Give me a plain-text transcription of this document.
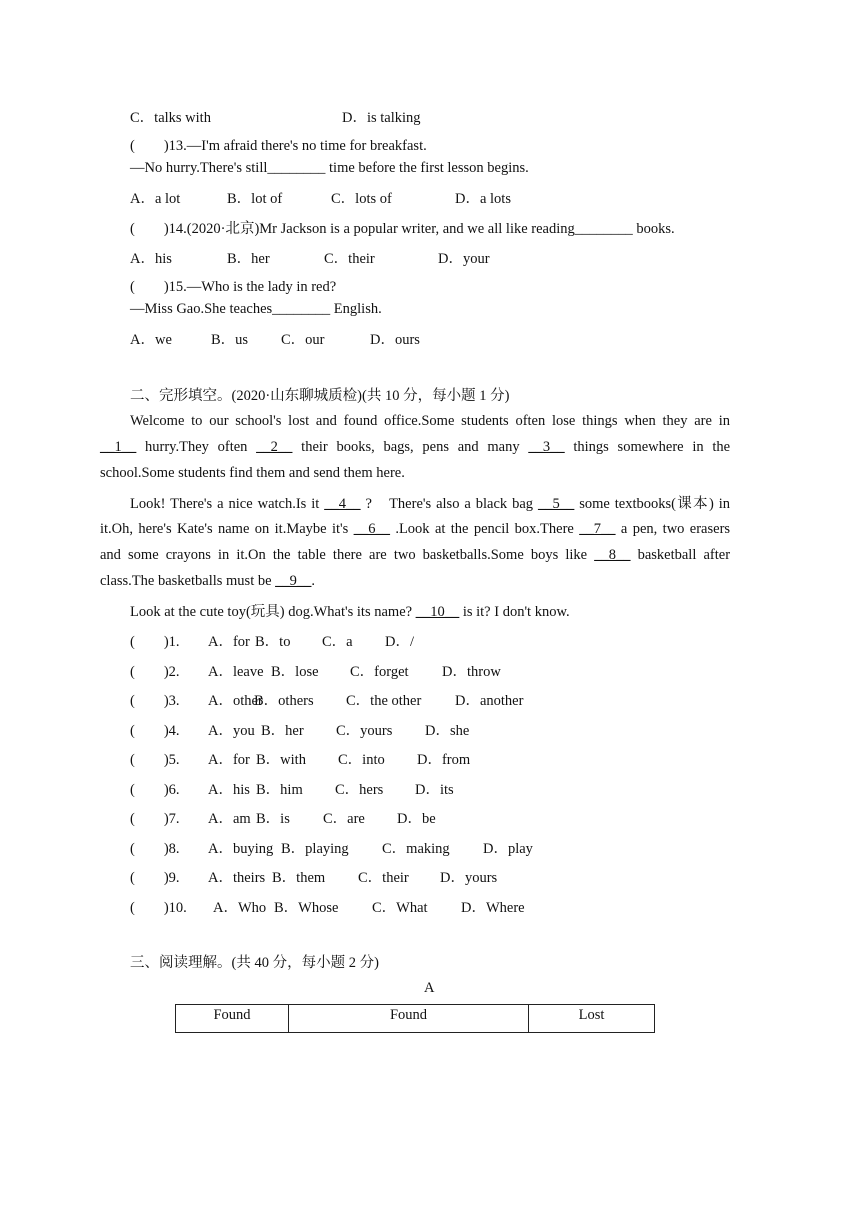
C．talks with	D．is talking
(　　)13.—I'm afraid there's no time for breakfast.
—No hurry.There's still________ time before the first lesson begins.
A．a lot	B．lot of	C．lots of	D．a lots
(　　)14.(2020·北京)Mr Jackson is a popular writer, and we all like reading________ books.
A．his	B．her	C．their	D．your
(　　)15.—Who is the lady in red?
—Miss Gao.She teaches________ English.
A．we	B．us C．our	D．ours
二、完形填空。(2020·山东聊城质检)(共 10 分，每小题 1 分)
Welcome to our school's lost and found office.Some students often lose things when they are in
__1__ hurry.They often __2__ their books, bags, pens and many __3__ things somewhere in the
school.Some students find them and send them here.
Look! There's a nice watch.Is it __4__ ?　There's also a black bag __5__ some textbooks(课本) in
it.Oh, here's Kate's name on it.Maybe it's __6__ .Look at the pencil box.There __7__ a pen, two erasers
and some crayons in it.On the table there are two basketballs.Some boys like __8__ basketball after
class.The basketballs must be __9__.
Look at the cute toy(玩具) dog.What's its name? __10__ is it? I don't know.
(　　)1. A．for B．to C．a D．/
(　　)2. A．leave B．lose C．forget D．throw
(　　)3. A．other
B．others C．the other D．another
(　　)4. A．you B．her C．yours D．she
(　　)5. A．for B．with C．into D．from
(　　)6. A．his B．him C．hers D．its
(　　)7. A．am B．is C．are D．be
(　　)8. A．buying B．playing C．making D．play
(　　)9. A．theirs B．them C．their D．yours
(　　)10. A．Who B．Whose C．What D．Where
三、阅读理解。(共 40 分，每小题 2 分)
A
Found	Found	Lost
